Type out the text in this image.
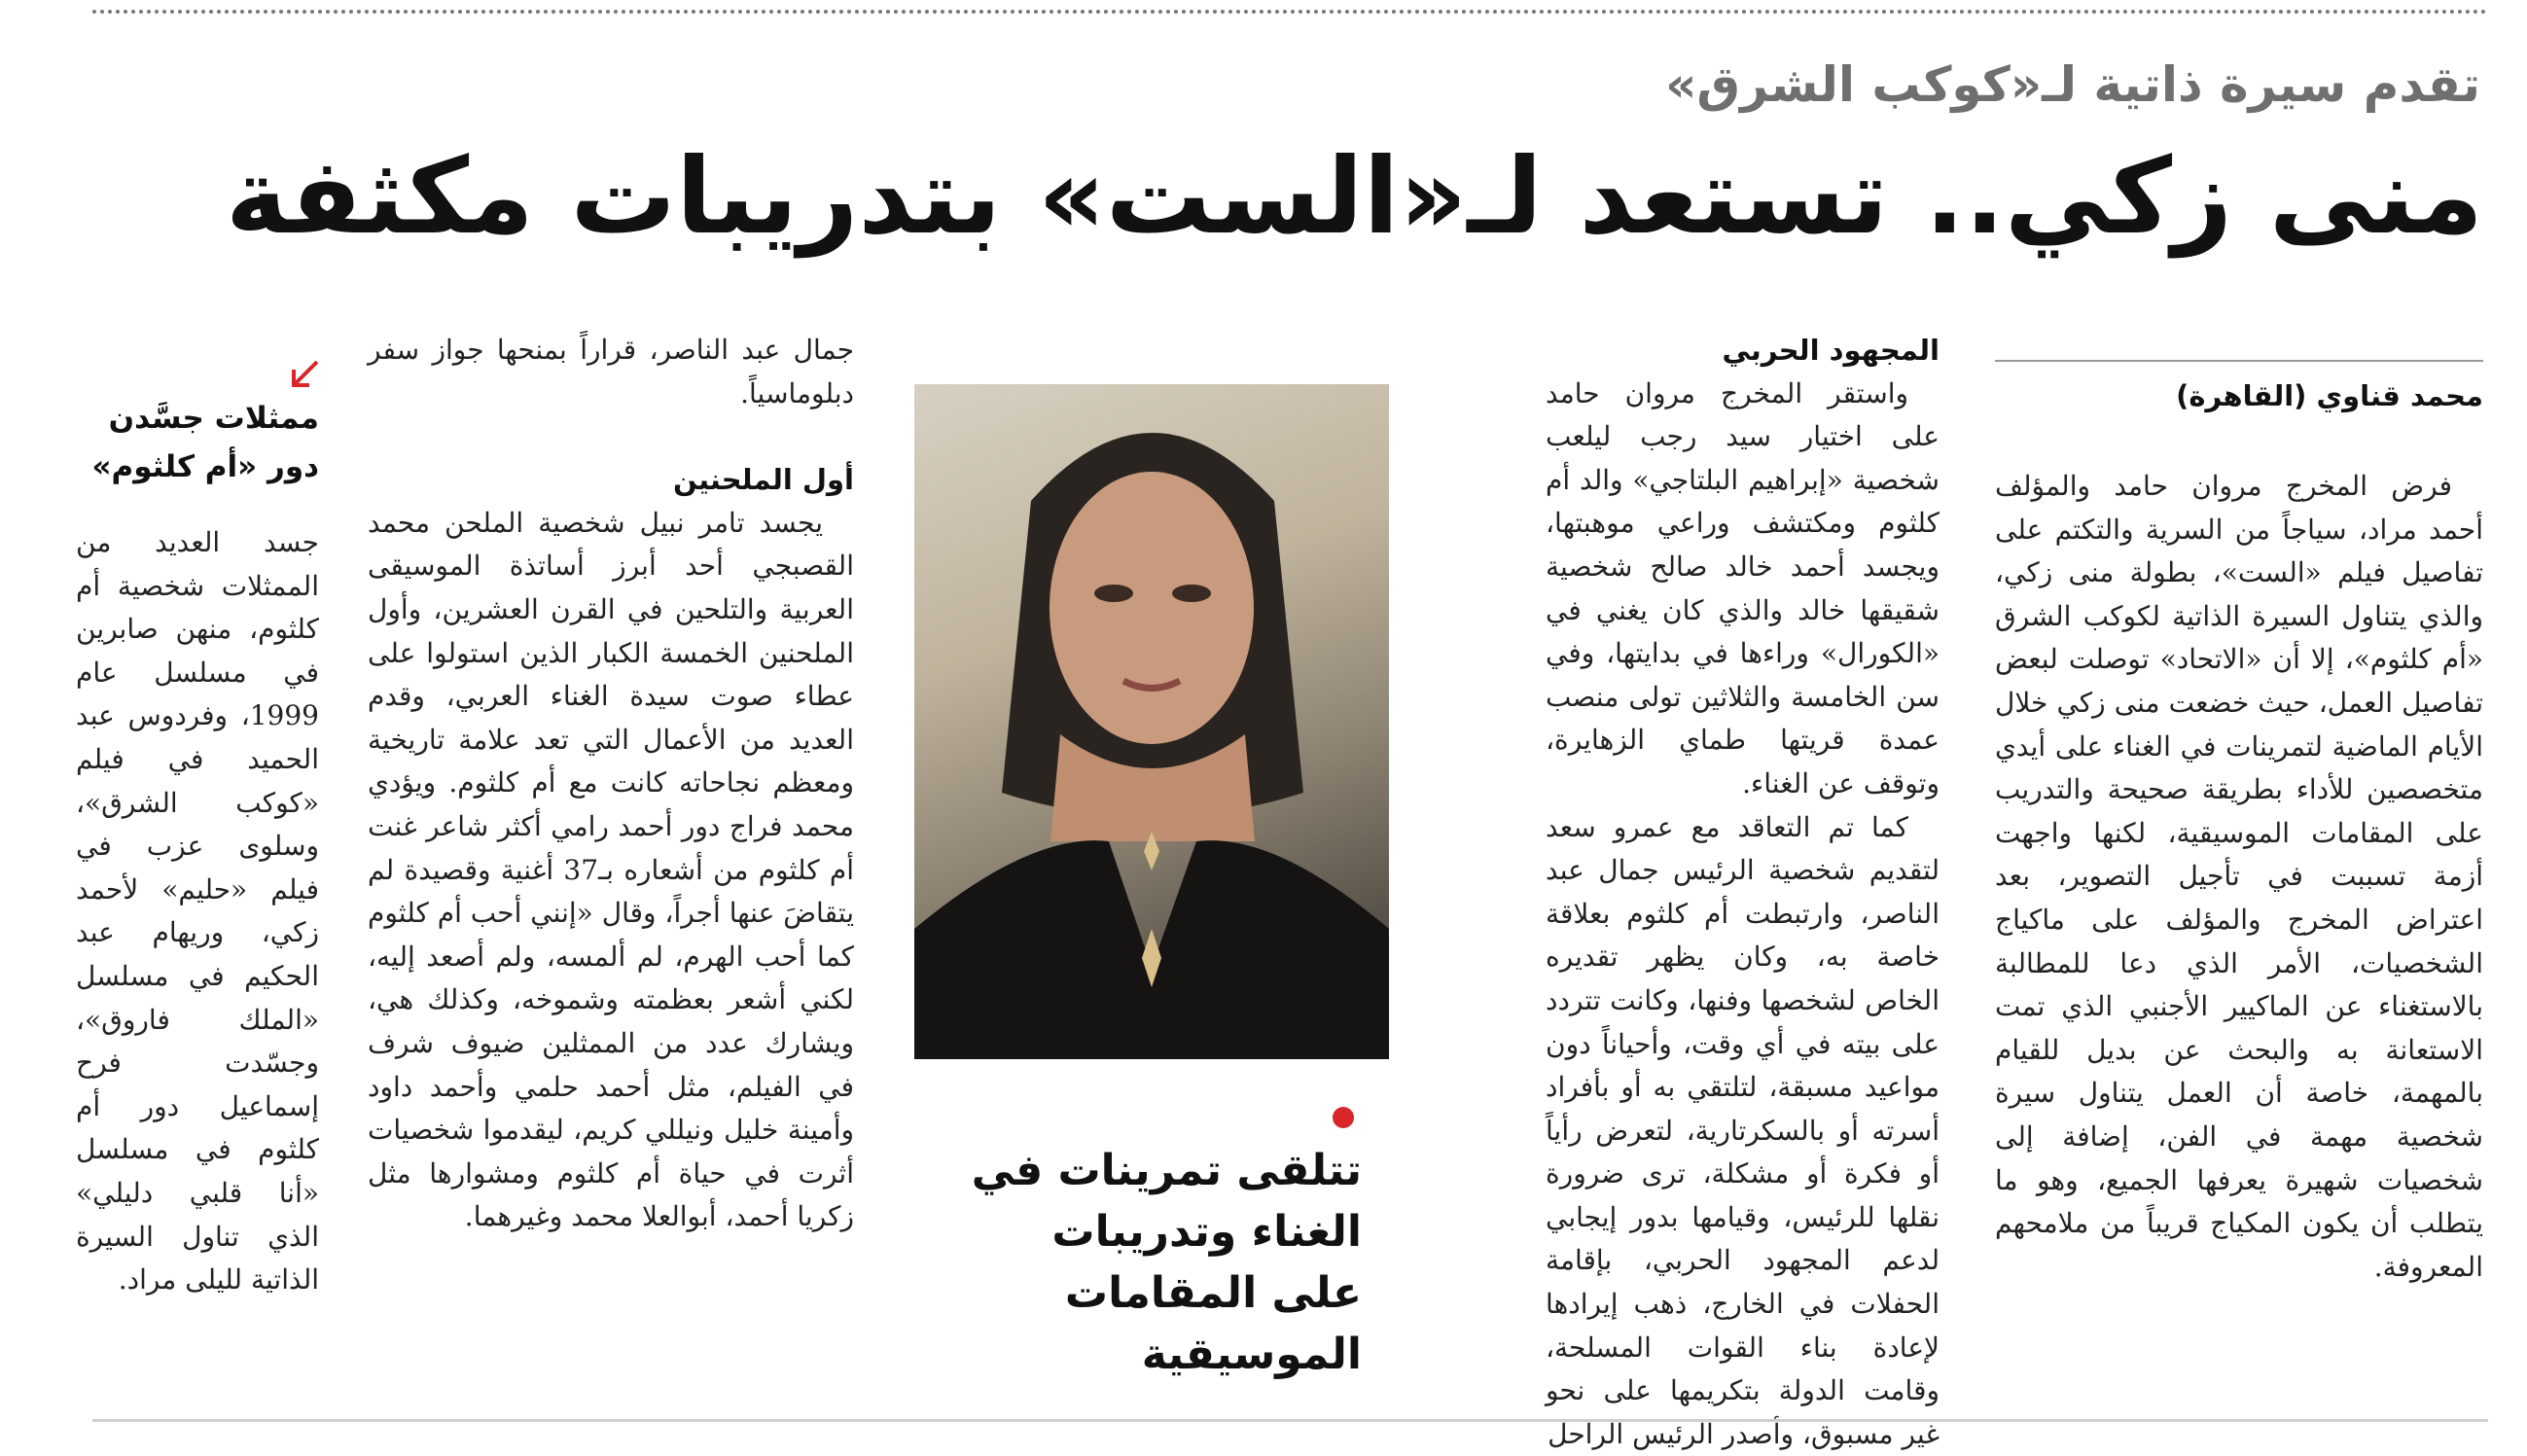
تقدم سيرة ذاتية لـ«كوكب الشرق»
منى زكي.. تستعد لـ«الست» بتدريبات مكثفة
محمد قناوي (القاهرة)

فرض المخرج مروان حامد والمؤلف أحمد مراد، سياجاً من السرية والتكتم على تفاصيل فيلم «الست»، بطولة منى زكي، والذي يتناول السيرة الذاتية لكوكب الشرق «أم كلثوم»، إلا أن «الاتحاد» توصلت لبعض تفاصيل العمل، حيث خضعت منى زكي خلال الأيام الماضية لتمرينات في الغناء على أيدي متخصصين للأداء بطريقة صحيحة والتدريب على المقامات الموسيقية، لكنها واجهت أزمة تسببت في تأجيل التصوير، بعد اعتراض المخرج والمؤلف على ماكياج الشخصيات، الأمر الذي دعا للمطالبة بالاستغناء عن الماكيير الأجنبي الذي تمت الاستعانة به والبحث عن بديل للقيام بالمهمة، خاصة أن العمل يتناول سيرة شخصية مهمة في الفن، إضافة إلى شخصيات شهيرة يعرفها الجميع، وهو ما يتطلب أن يكون المكياج قريباً من ملامحهم المعروفة.

المجهود الحربي

واستقر المخرج مروان حامد على اختيار سيد رجب ليلعب شخصية «إبراهيم البلتاجي» والد أم كلثوم ومكتشف وراعي موهبتها، ويجسد أحمد خالد صالح شخصية شقيقها خالد والذي كان يغني في «الكورال» وراءها في بدايتها، وفي سن الخامسة والثلاثين تولى منصب عمدة قريتها طماي الزهايرة، وتوقف عن الغناء.

كما تم التعاقد مع عمرو سعد لتقديم شخصية الرئيس جمال عبد الناصر، وارتبطت أم كلثوم بعلاقة خاصة به، وكان يظهر تقديره الخاص لشخصها وفنها، وكانت تتردد على بيته في أي وقت، وأحياناً دون مواعيد مسبقة، لتلتقي به أو بأفراد أسرته أو بالسكرتارية، لتعرض رأياً أو فكرة أو مشكلة، ترى ضرورة نقلها للرئيس، وقيامها بدور إيجابي لدعم المجهود الحربي، بإقامة الحفلات في الخارج، ذهب إيرادها لإعادة بناء القوات المسلحة، وقامت الدولة بتكريمها على نحو غير مسبوق، وأصدر الرئيس الراحل

تتلقى تمرينات في الغناء وتدريبات على المقامات الموسيقية

جمال عبد الناصر، قراراً بمنحها جواز سفر دبلوماسياً.

أول الملحنين

يجسد تامر نبيل شخصية الملحن محمد القصبجي أحد أبرز أساتذة الموسيقى العربية والتلحين في القرن العشرين، وأول الملحنين الخمسة الكبار الذين استولوا على عطاء صوت سيدة الغناء العربي، وقدم العديد من الأعمال التي تعد علامة تاريخية ومعظم نجاحاته كانت مع أم كلثوم. ويؤدي محمد فراج دور أحمد رامي أكثر شاعر غنت أم كلثوم من أشعاره بـ37 أغنية وقصيدة لم يتقاضَ عنها أجراً، وقال «إنني أحب أم كلثوم كما أحب الهرم، لم ألمسه، ولم أصعد إليه، لكني أشعر بعظمته وشموخه، وكذلك هي، ويشارك عدد من الممثلين ضيوف شرف في الفيلم، مثل أحمد حلمي وأحمد داود وأمينة خليل ونيللي كريم، ليقدموا شخصيات أثرت في حياة أم كلثوم ومشوارها مثل زكريا أحمد، أبوالعلا محمد وغيرهما.

ممثلات جسَّدن دور «أم كلثوم»

جسد العديد من الممثلات شخصية أم كلثوم، منهن صابرين في مسلسل عام 1999، وفردوس عبد الحميد في فيلم «كوكب الشرق»، وسلوى عزب في فيلم «حليم» لأحمد زكي، وريهام عبد الحكيم في مسلسل «الملك فاروق»، وجسّدت فرح إسماعيل دور أم كلثوم في مسلسل «أنا قلبي دليلي» الذي تناول السيرة الذاتية لليلى مراد.
